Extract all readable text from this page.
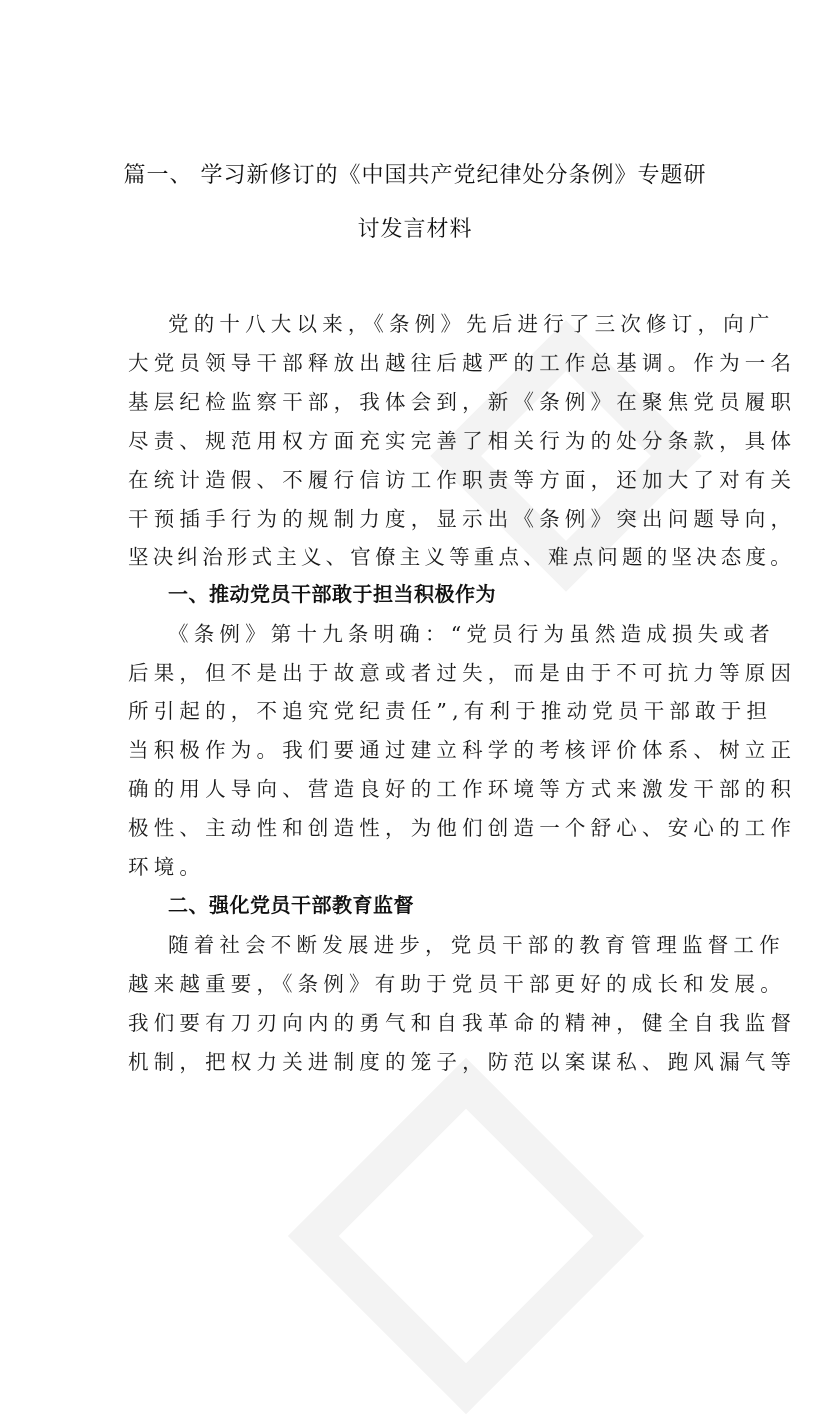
篇一、 学习新修订的《中国共产党纪律处分条例》专题研
讨发言材料
党的十八大以来，《条例》先后进行了三次修订，向广
大党员领导干部释放出越往后越严的工作总基调。作为一名
基层纪检监察干部，我体会到，新《条例》在聚焦党员履职
尽责、规范用权方面充实完善了相关行为的处分条款，具体
在统计造假、不履行信访工作职责等方面，还加大了对有关
干预插手行为的规制力度，显示出《条例》突出问题导向，
坚决纠治形式主义、官僚主义等重点、难点问题的坚决态度。
一、推动党员干部敢于担当积极作为
《条例》第十九条明确：“党员行为虽然造成损失或者
后果，但不是出于故意或者过失，而是由于不可抗力等原因
所引起的，不追究党纪责任”,有利于推动党员干部敢于担
当积极作为。我们要通过建立科学的考核评价体系、树立正
确的用人导向、营造良好的工作环境等方式来激发干部的积
极性、主动性和创造性，为他们创造一个舒心、安心的工作
环境。
二、强化党员干部教育监督
随着社会不断发展进步，党员干部的教育管理监督工作
越来越重要，《条例》有助于党员干部更好的成长和发展。
我们要有刀刃向内的勇气和自我革命的精神，健全自我监督
机制，把权力关进制度的笼子，防范以案谋私、跑风漏气等
